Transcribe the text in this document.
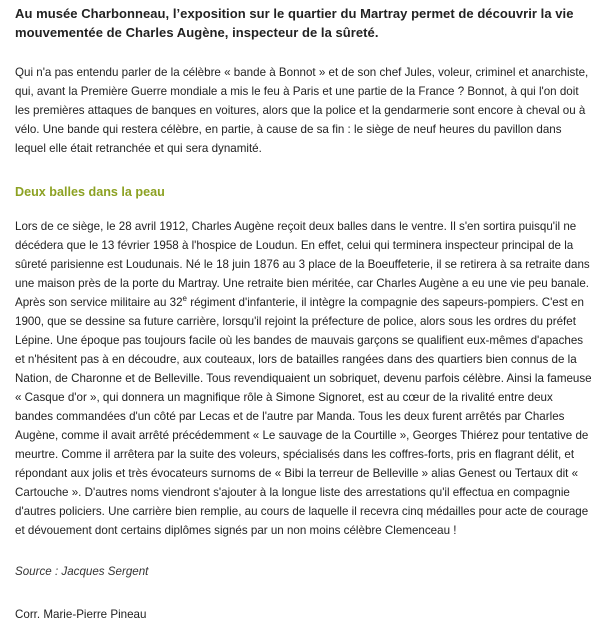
Au musée Charbonneau, l’exposition sur le quartier du Martray permet de découvrir la vie mouvementée de Charles Augène, inspecteur de la sûreté.

Qui n'a pas entendu parler de la célèbre « bande à Bonnot » et de son chef Jules, voleur, criminel et anarchiste, qui, avant la Première Guerre mondiale a mis le feu à Paris et une partie de la France ? Bonnot, à qui l'on doit les premières attaques de banques en voitures, alors que la police et la gendarmerie sont encore à cheval ou à vélo. Une bande qui restera célèbre, en partie, à cause de sa fin : le siège de neuf heures du pavillon dans lequel elle était retranchée et qui sera dynamité.

Deux balles dans la peau

Lors de ce siège, le 28 avril 1912, Charles Augène reçoit deux balles dans le ventre. Il s'en sortira puisqu'il ne décédera que le 13 février 1958 à l'hospice de Loudun. En effet, celui qui terminera inspecteur principal de la sûreté parisienne est Loudunais. Né le 18 juin 1876 au 3 place de la Boeuffeterie, il se retirera à sa retraite dans une maison près de la porte du Martray. Une retraite bien méritée, car Charles Augène a eu une vie peu banale. Après son service militaire au 32e régiment d'infanterie, il intègre la compagnie des sapeurs-pompiers. C'est en 1900, que se dessine sa future carrière, lorsqu'il rejoint la préfecture de police, alors sous les ordres du préfet Lépine. Une époque pas toujours facile où les bandes de mauvais garçons se qualifient eux-mêmes d'apaches et n'hésitent pas à en découdre, aux couteaux, lors de batailles rangées dans des quartiers bien connus de la Nation, de Charonne et de Belleville. Tous revendiquaient un sobriquet, devenu parfois célèbre. Ainsi la fameuse « Casque d'or », qui donnera un magnifique rôle à Simone Signoret, est au cœur de la rivalité entre deux bandes commandées d'un côté par Lecas et de l'autre par Manda. Tous les deux furent arrêtés par Charles Augène, comme il avait arrêté précédemment « Le sauvage de la Courtille », Georges Thiérez pour tentative de meurtre. Comme il arrêtera par la suite des voleurs, spécialisés dans les coffres-forts, pris en flagrant délit, et répondant aux jolis et très évocateurs surnoms de « Bibi la terreur de Belleville » alias Genest ou Tertaux dit « Cartouche ». D'autres noms viendront s'ajouter à la longue liste des arrestations qu'il effectua en compagnie d'autres policiers. Une carrière bien remplie, au cours de laquelle il recevra cinq médailles pour acte de courage et dévouement dont certains diplômes signés par un non moins célèbre Clemenceau !

Source : Jacques Sergent

Corr. Marie-Pierre Pineau
